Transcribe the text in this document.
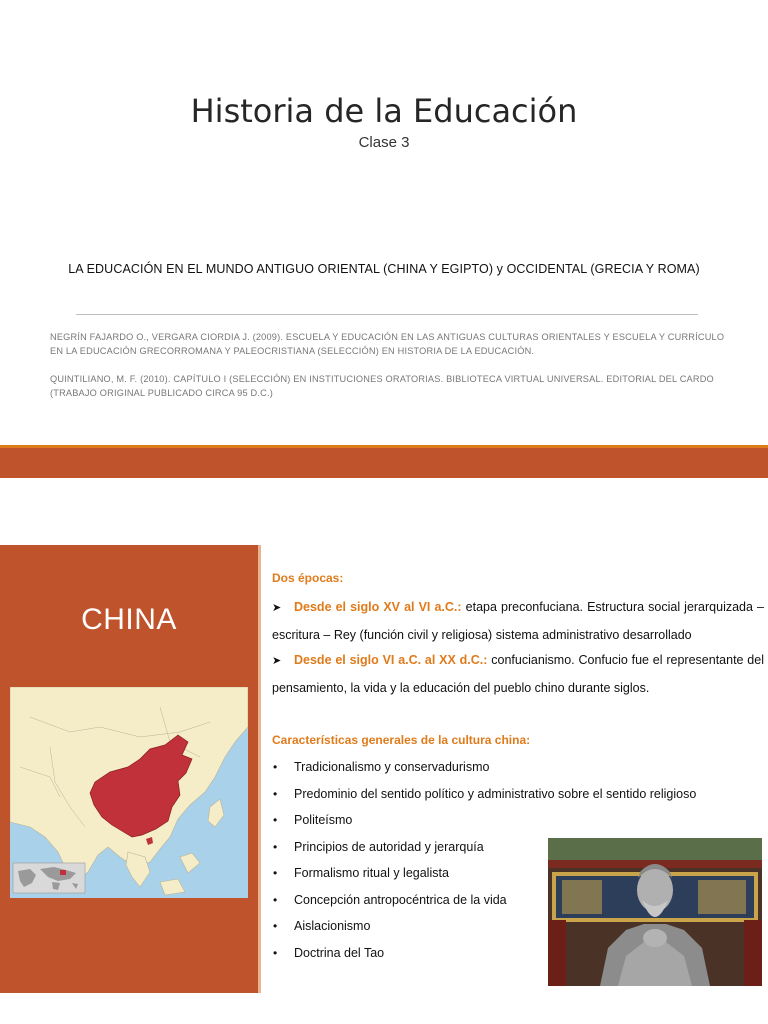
Historia de la Educación
Clase 3
LA EDUCACIÓN EN EL MUNDO ANTIGUO ORIENTAL (CHINA Y EGIPTO) y OCCIDENTAL (GRECIA Y ROMA)
NEGRÍN FAJARDO O., VERGARA CIORDIA J. (2009). ESCUELA Y EDUCACIÓN EN LAS ANTIGUAS CULTURAS ORIENTALES Y ESCUELA Y CURRÍCULO EN LA EDUCACIÓN GRECORROMANA Y PALEOCRISTIANA (SELECCIÓN) EN HISTORIA DE LA EDUCACIÓN.
QUINTILIANO, M. F. (2010). CAPÍTULO I (SELECCIÓN) EN INSTITUCIONES ORATORIAS. BIBLIOTECA VIRTUAL UNIVERSAL. EDITORIAL DEL CARDO (TRABAJO ORIGINAL PUBLICADO CIRCA 95 D.C.)
CHINA
Dos épocas:
➤ Desde el siglo XV al VI a.C.: etapa preconfuciana. Estructura social jerarquizada – escritura – Rey (función civil y religiosa) sistema administrativo desarrollado
➤ Desde el siglo VI a.C. al XX d.C.: confucianismo. Confucio fue el representante del pensamiento, la vida y la educación del pueblo chino durante siglos.
Características generales de la cultura china:
• Tradicionalismo y conservadurismo
• Predominio del sentido político y administrativo sobre el sentido religioso
• Politeísmo
• Principios de autoridad y jerarquía
• Formalismo ritual y legalista
• Concepción antropocéntrica de la vida
• Aislacionismo
• Doctrina del Tao
